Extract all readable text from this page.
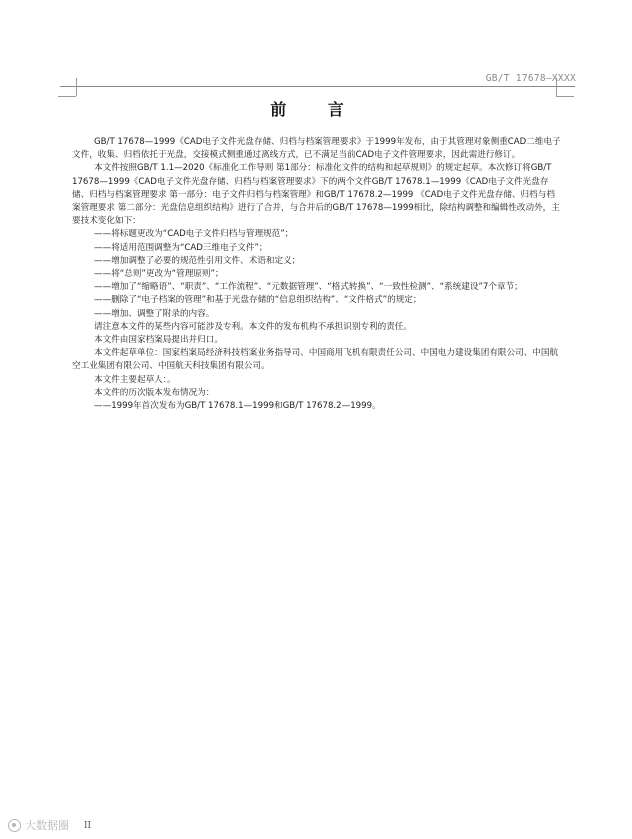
GB/T 17678—XXXX
前 言

GB/T 17678—1999《CAD电子文件光盘存储、归档与档案管理要求》于1999年发布，由于其管理对象侧重CAD二维电子文件，收集、归档依托于光盘，交接模式侧重通过离线方式，已不满足当前CAD电子文件管理要求，因此需进行修订。

本文件按照GB/T 1.1—2020《标准化工作导则 第1部分：标准化文件的结构和起草规则》的规定起草。本次修订将GB/T 17678—1999《CAD电子文件光盘存储、归档与档案管理要求》下的两个文件GB/T 17678.1—1999《CAD电子文件光盘存储、归档与档案管理要求 第一部分：电子文件归档与档案管理》和GB/T 17678.2—1999 《CAD电子文件光盘存储、归档与档案管理要求 第二部分：光盘信息组织结构》进行了合并，与合并后的GB/T 17678—1999相比，除结构调整和编辑性改动外，主要技术变化如下：

——将标题更改为“CAD电子文件归档与管理规范”；

——将适用范围调整为“CAD三维电子文件”；

——增加调整了必要的规范性引用文件、术语和定义；

——将“总则”更改为“管理原则”；

——增加了“缩略语”、“职责”、“工作流程”、“元数据管理”、“格式转换”、“一致性检测”、“系统建设”7个章节；

——删除了“电子档案的管理”和基于光盘存储的“信息组织结构”、“文件格式”的规定；

——增加、调整了附录的内容。

请注意本文件的某些内容可能涉及专利。本文件的发布机构不承担识别专利的责任。

本文件由国家档案局提出并归口。

本文件起草单位：国家档案局经济科技档案业务指导司、中国商用飞机有限责任公司、中国电力建设集团有限公司、中国航空工业集团有限公司、中国航天科技集团有限公司。

本文件主要起草人：。

本文件的历次版本发布情况为：

——1999年首次发布为GB/T 17678.1—1999和GB/T 17678.2—1999。

大数据圈 II
